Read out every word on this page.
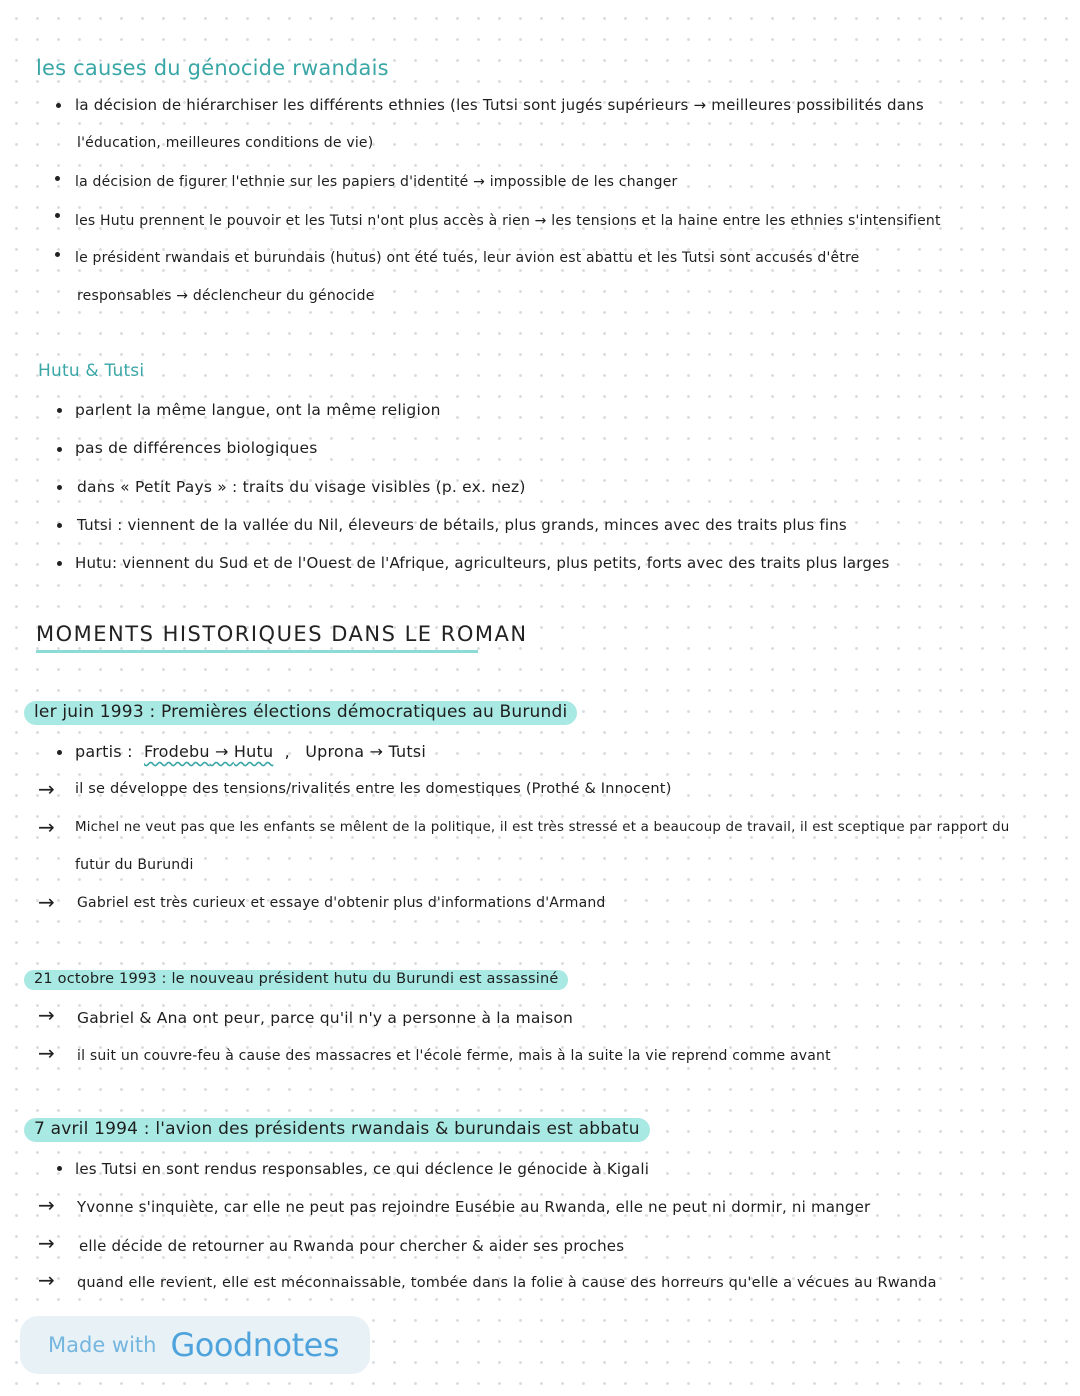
les causes du génocide rwandais
la décision de hiérarchiser les différents ethnies (les Tutsi sont jugés supérieurs → meilleures possibilités dans
l'éducation, meilleures conditions de vie)
la décision de figurer l'ethnie sur les papiers d'identité → impossible de les changer
les Hutu prennent le pouvoir et les Tutsi n'ont plus accès à rien → les tensions et la haine entre les ethnies s'intensifient
le président rwandais et burundais (hutus) ont été tués, leur avion est abattu et les Tutsi sont accusés d'être
responsables → déclencheur du génocide
Hutu & Tutsi
parlent la même langue, ont la même religion
pas de différences biologiques
dans « Petit Pays » : traits du visage visibles (p. ex. nez)
Tutsi : viennent de la vallée du Nil, éleveurs de bétails, plus grands, minces avec des traits plus fins
Hutu: viennent du Sud et de l'Ouest de l'Afrique, agriculteurs, plus petits, forts avec des traits plus larges
MOMENTS HISTORIQUES DANS LE ROMAN
ler juin 1993 : Premières élections démocratiques au Burundi
partis : Frodebu → Hutu , Uprona → Tutsi
→ il se développe des tensions/rivalités entre les domestiques (Prothé & Innocent)
→ Michel ne veut pas que les enfants se mêlent de la politique, il est très stressé et a beaucoup de travail, il est sceptique par rapport du
futur du Burundi
→ Gabriel est très curieux et essaye d'obtenir plus d'informations d'Armand
21 octobre 1993 : le nouveau président hutu du Burundi est assassiné
→ Gabriel & Ana ont peur, parce qu'il n'y a personne à la maison
→ il suit un couvre-feu à cause des massacres et l'école ferme, mais à la suite la vie reprend comme avant
7 avril 1994 : l'avion des présidents rwandais & burundais est abbatu
les Tutsi en sont rendus responsables, ce qui déclence le génocide à Kigali
→ Yvonne s'inquiète, car elle ne peut pas rejoindre Eusébie au Rwanda, elle ne peut ni dormir, ni manger
→ elle décide de retourner au Rwanda pour chercher & aider ses proches
→ quand elle revient, elle est méconnaissable, tombée dans la folie à cause des horreurs qu'elle a vécues au Rwanda
Made with Goodnotes
